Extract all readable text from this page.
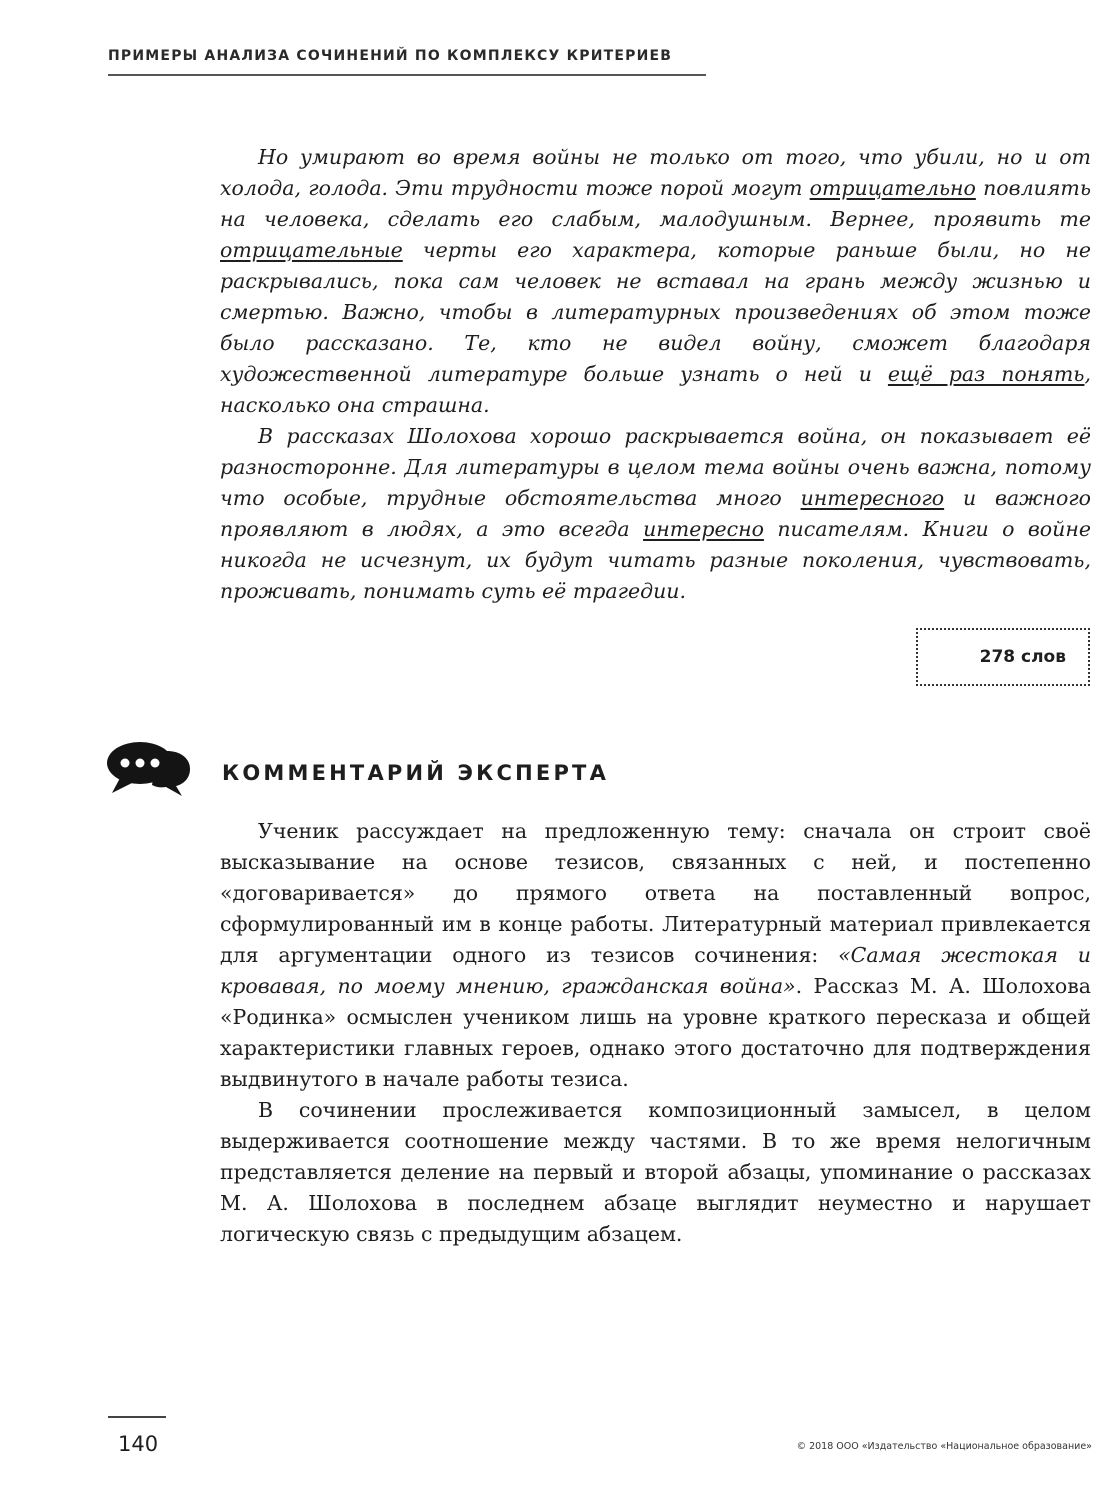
ПРИМЕРЫ АНАЛИЗА СОЧИНЕНИЙ ПО КОМПЛЕКСУ КРИТЕРИЕВ

Но умирают во время войны не только от того, что убили, но и от холода, голода. Эти трудности тоже порой могут отрицательно повлиять на человека, сделать его слабым, малодушным. Вернее, проявить те отрицательные черты его характера, которые раньше были, но не раскрывались, пока сам человек не вставал на грань между жизнью и смертью. Важно, чтобы в литературных произведениях об этом тоже было рассказано. Те, кто не видел войну, сможет благодаря художественной литературе больше узнать о ней и ещё раз понять, насколько она страшна.

В рассказах Шолохова хорошо раскрывается война, он показывает её разносторонне. Для литературы в целом тема войны очень важна, потому что особые, трудные обстоятельства много интересного и важного проявляют в людях, а это всегда интересно писателям. Книги о войне никогда не исчезнут, их будут читать разные поколения, чувствовать, проживать, понимать суть её трагедии.

278 слов
КОММЕНТАРИЙ ЭКСПЕРТА

Ученик рассуждает на предложенную тему: сначала он строит своё высказывание на основе тезисов, связанных с ней, и постепенно «договаривается» до прямого ответа на поставленный вопрос, сформулированный им в конце работы. Литературный материал привлекается для аргументации одного из тезисов сочинения: «Самая жестокая и кровавая, по моему мнению, гражданская война». Рассказ М. А. Шолохова «Родинка» осмыслен учеником лишь на уровне краткого пересказа и общей характеристики главных героев, однако этого достаточно для подтверждения выдвинутого в начале работы тезиса.

В сочинении прослеживается композиционный замысел, в целом выдерживается соотношение между частями. В то же время нелогичным представляется деление на первый и второй абзацы, упоминание о рассказах М. А. Шолохова в последнем абзаце выглядит неуместно и нарушает логическую связь с предыдущим абзацем.

140	© 2018 ООО «Издательство «Национальное образование»
